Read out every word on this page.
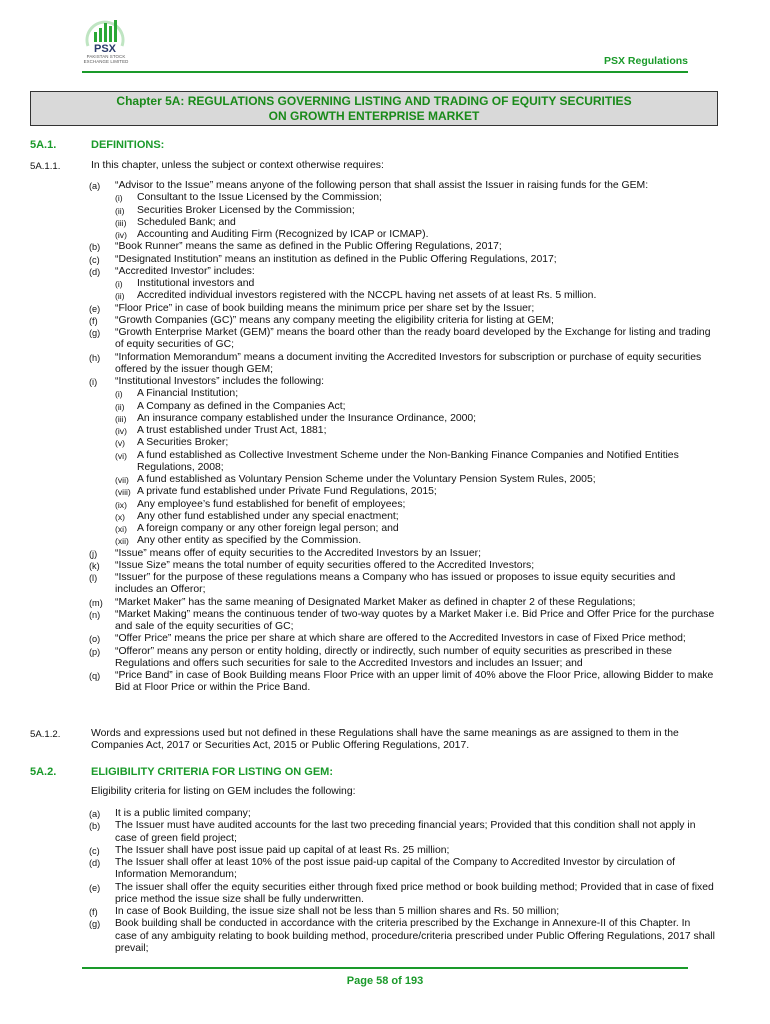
PSX
PAKISTAN STOCK EXCHANGE LIMITED	PSX Regulations
Chapter 5A: REGULATIONS GOVERNING LISTING AND TRADING OF EQUITY SECURITIES ON GROWTH ENTERPRISE MARKET
5A.1.	DEFINITIONS:
5A.1.1.	In this chapter, unless the subject or context otherwise requires:
(a) “Advisor to the Issue” means anyone of the following person that shall assist the Issuer in raising funds for the GEM:
(i) Consultant to the Issue Licensed by the Commission;
(ii) Securities Broker Licensed by the Commission;
(iii) Scheduled Bank; and
(iv) Accounting and Auditing Firm (Recognized by ICAP or ICMAP).
(b) “Book Runner” means the same as defined in the Public Offering Regulations, 2017;
(c) “Designated Institution” means an institution as defined in the Public Offering Regulations, 2017;
(d) “Accredited Investor” includes:
(i) Institutional investors and
(ii) Accredited individual investors registered with the NCCPL having net assets of at least Rs. 5 million.
(e) “Floor Price” in case of book building means the minimum price per share set by the Issuer;
(f) “Growth Companies (GC)” means any company meeting the eligibility criteria for listing at GEM;
(g) “Growth Enterprise Market (GEM)” means the board other than the ready board developed by the Exchange for listing and trading of equity securities of GC;
(h) “Information Memorandum” means a document inviting the Accredited Investors for subscription or purchase of equity securities offered by the issuer though GEM;
(i) “Institutional Investors” includes the following:
(i) A Financial Institution;
(ii) A Company as defined in the Companies Act;
(iii) An insurance company established under the Insurance Ordinance, 2000;
(iv) A trust established under Trust Act, 1881;
(v) A Securities Broker;
(vi) A fund established as Collective Investment Scheme under the Non-Banking Finance Companies and Notified Entities Regulations, 2008;
(vii) A fund established as Voluntary Pension Scheme under the Voluntary Pension System Rules, 2005;
(viii) A private fund established under Private Fund Regulations, 2015;
(ix) Any employee’s fund established for benefit of employees;
(x) Any other fund established under any special enactment;
(xi) A foreign company or any other foreign legal person; and
(xii) Any other entity as specified by the Commission.
(j) “Issue” means offer of equity securities to the Accredited Investors by an Issuer;
(k) “Issue Size” means the total number of equity securities offered to the Accredited Investors;
(l) “Issuer” for the purpose of these regulations means a Company who has issued or proposes to issue equity securities and includes an Offeror;
(m) “Market Maker” has the same meaning of Designated Market Maker as defined in chapter 2 of these Regulations;
(n) “Market Making” means the continuous tender of two-way quotes by a Market Maker i.e. Bid Price and Offer Price for the purchase and sale of the equity securities of GC;
(o) “Offer Price” means the price per share at which share are offered to the Accredited Investors in case of Fixed Price method;
(p) “Offeror” means any person or entity holding, directly or indirectly, such number of equity securities as prescribed in these Regulations and offers such securities for sale to the Accredited Investors and includes an Issuer; and
(q) “Price Band” in case of Book Building means Floor Price with an upper limit of 40% above the Floor Price, allowing Bidder to make Bid at Floor Price or within the Price Band.
5A.1.2.	Words and expressions used but not defined in these Regulations shall have the same meanings as are assigned to them in the Companies Act, 2017 or Securities Act, 2015 or Public Offering Regulations, 2017.
5A.2.	ELIGIBILITY CRITERIA FOR LISTING ON GEM:
Eligibility criteria for listing on GEM includes the following:
(a) It is a public limited company;
(b) The Issuer must have audited accounts for the last two preceding financial years; Provided that this condition shall not apply in case of green field project;
(c) The Issuer shall have post issue paid up capital of at least Rs. 25 million;
(d) The Issuer shall offer at least 10% of the post issue paid-up capital of the Company to Accredited Investor by circulation of Information Memorandum;
(e) The issuer shall offer the equity securities either through fixed price method or book building method; Provided that in case of fixed price method the issue size shall be fully underwritten.
(f) In case of Book Building, the issue size shall not be less than 5 million shares and Rs. 50 million;
(g) Book building shall be conducted in accordance with the criteria prescribed by the Exchange in Annexure-II of this Chapter. In case of any ambiguity relating to book building method, procedure/criteria prescribed under Public Offering Regulations, 2017 shall prevail;
Page 58 of 193
